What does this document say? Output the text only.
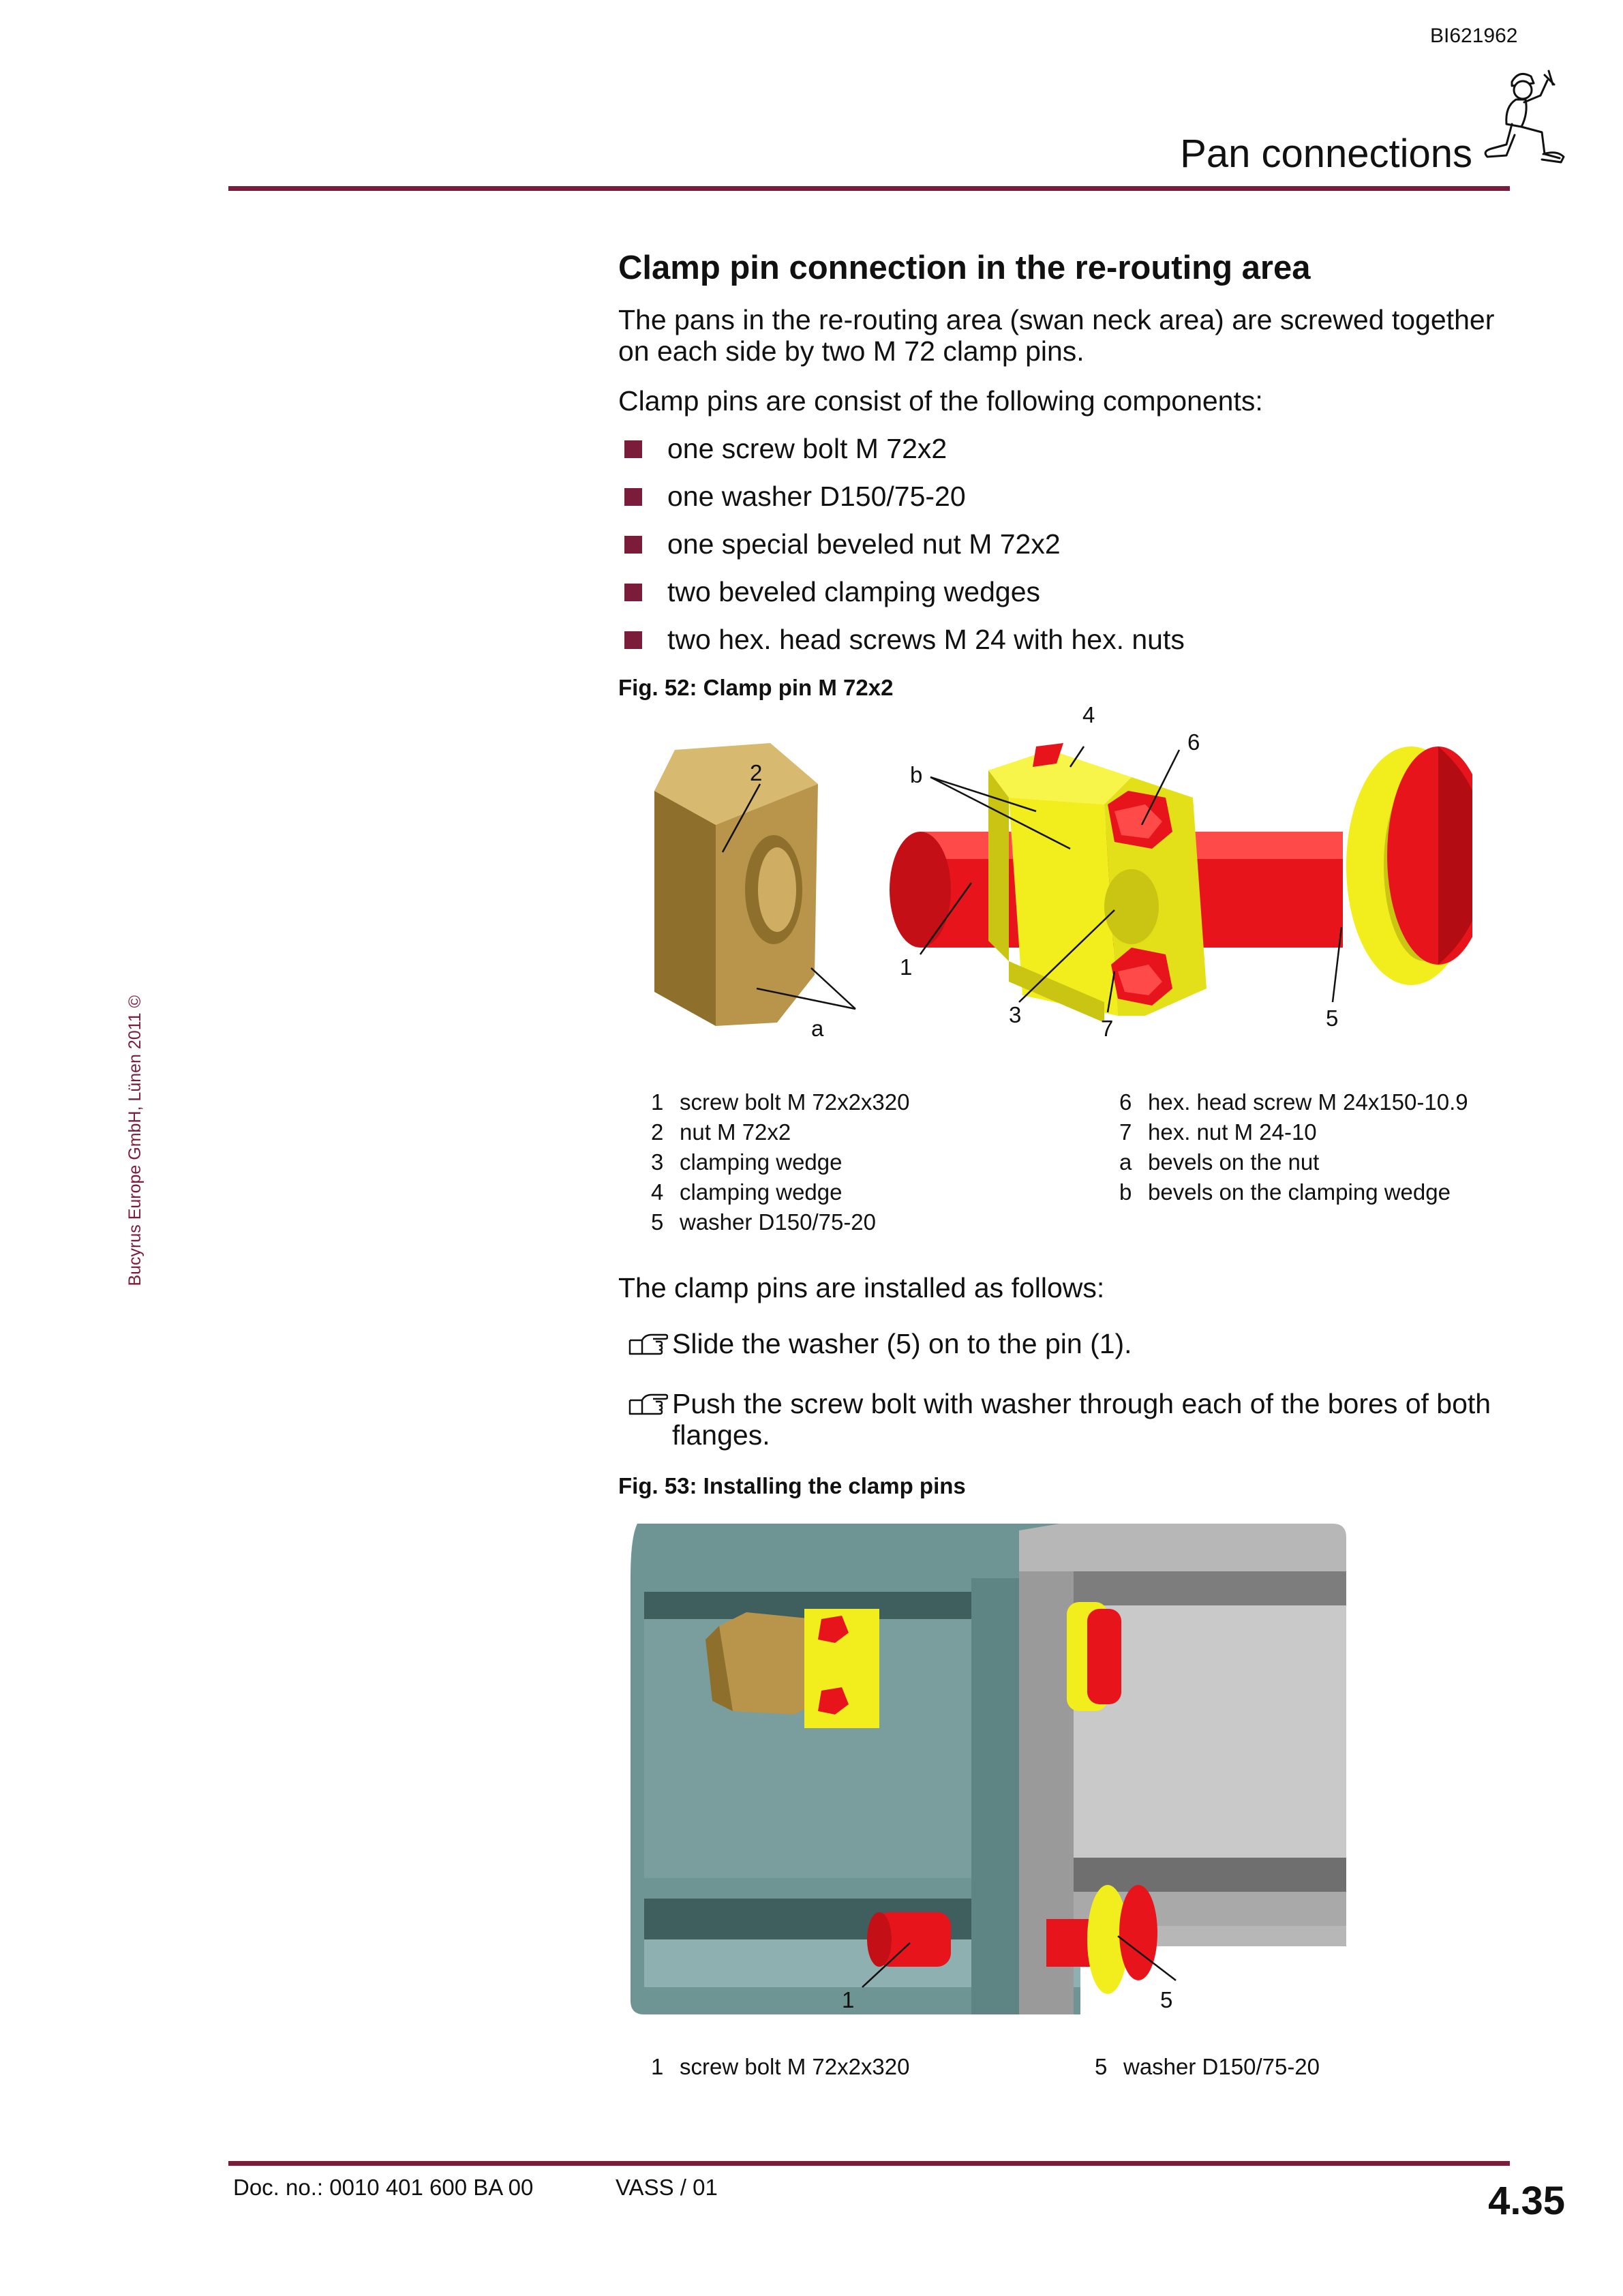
BI621962
Pan connections
Bucyrus Europe GmbH, Lünen 2011 ©
Clamp pin connection in the re-routing area
The pans in the re-routing area (swan neck area) are screwed together on each side by two M 72 clamp pins.
Clamp pins are consist of the following components:
one screw bolt M 72x2
one washer D150/75-20
one special beveled nut M 72x2
two beveled clamping wedges
two hex. head screws M 24 with hex. nuts
Fig. 52: Clamp pin M 72x2
1
2
3
4
5
6
7
a
b
1 screw bolt M 72x2x320
2 nut M 72x2
3 clamping wedge
4 clamping wedge
5 washer D150/75-20
6 hex. head screw M 24x150-10.9
7 hex. nut M 24-10
a bevels on the nut
b bevels on the clamping wedge
The clamp pins are installed as follows:
Slide the washer (5) on to the pin (1).
Push the screw bolt with washer through each of the bores of both flanges.
Fig. 53: Installing the clamp pins
1	5
1 screw bolt M 72x2x320	5 washer D150/75-20
Doc. no.: 0010 401 600 BA 00	VASS / 01	4.35
